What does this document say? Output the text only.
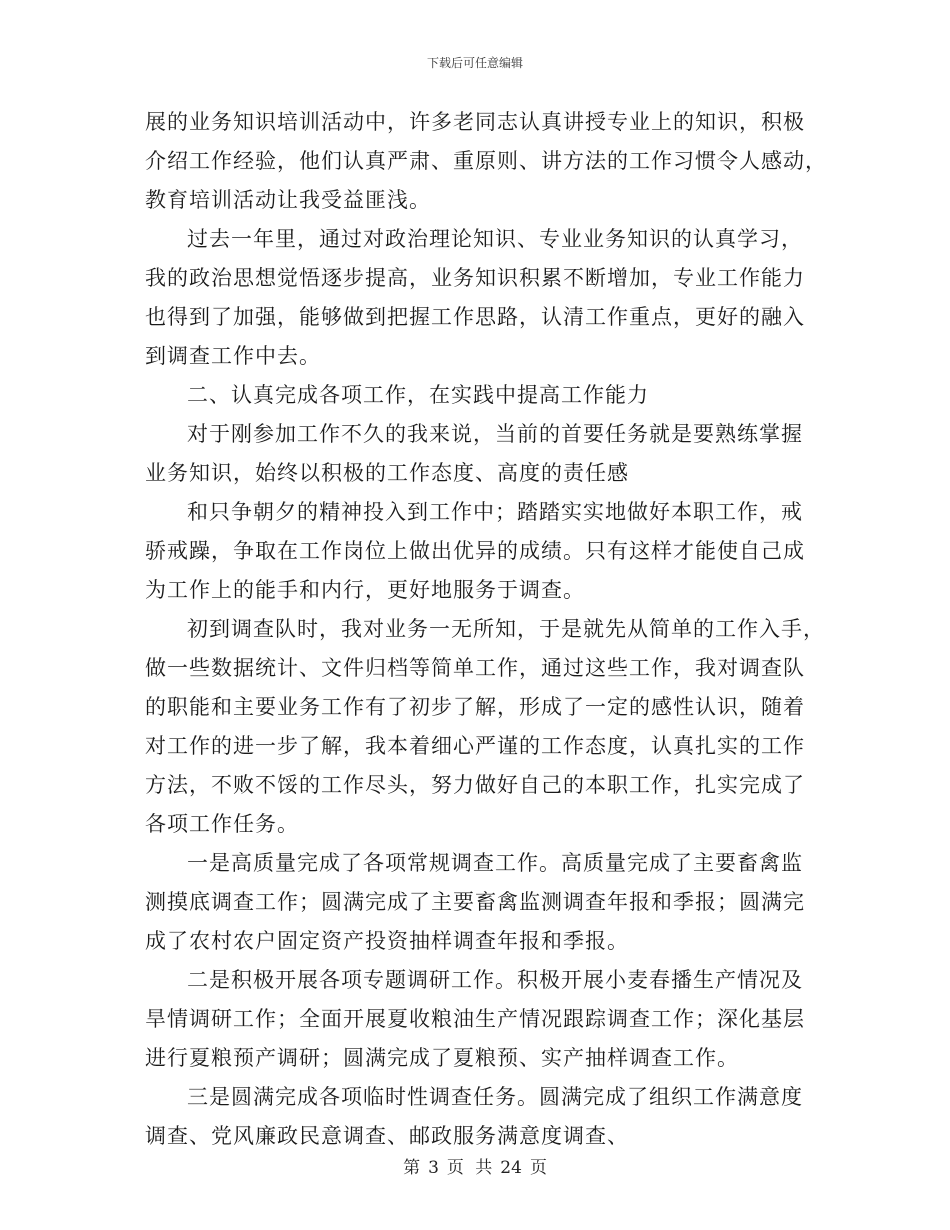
下载后可任意编辑
展的业务知识培训活动中，许多老同志认真讲授专业上的知识，积极
介绍工作经验，他们认真严肃、重原则、讲方法的工作习惯令人感动，
教育培训活动让我受益匪浅。
过去一年里，通过对政治理论知识、专业业务知识的认真学习，
我的政治思想觉悟逐步提高，业务知识积累不断增加，专业工作能力
也得到了加强，能够做到把握工作思路，认清工作重点，更好的融入
到调查工作中去。
二、认真完成各项工作，在实践中提高工作能力
对于刚参加工作不久的我来说，当前的首要任务就是要熟练掌握
业务知识，始终以积极的工作态度、高度的责任感
和只争朝夕的精神投入到工作中；踏踏实实地做好本职工作，戒
骄戒躁，争取在工作岗位上做出优异的成绩。只有这样才能使自己成
为工作上的能手和内行，更好地服务于调查。
初到调查队时，我对业务一无所知，于是就先从简单的工作入手，
做一些数据统计、文件归档等简单工作，通过这些工作，我对调查队
的职能和主要业务工作有了初步了解，形成了一定的感性认识，随着
对工作的进一步了解，我本着细心严谨的工作态度，认真扎实的工作
方法，不败不馁的工作尽头，努力做好自己的本职工作，扎实完成了
各项工作任务。
一是高质量完成了各项常规调查工作。高质量完成了主要畜禽监
测摸底调查工作；圆满完成了主要畜禽监测调查年报和季报；圆满完
成了农村农户固定资产投资抽样调查年报和季报。
二是积极开展各项专题调研工作。积极开展小麦春播生产情况及
旱情调研工作；全面开展夏收粮油生产情况跟踪调查工作；深化基层
进行夏粮预产调研；圆满完成了夏粮预、实产抽样调查工作。
三是圆满完成各项临时性调查任务。圆满完成了组织工作满意度
调查、党风廉政民意调查、邮政服务满意度调查、
第 3 页 共 24 页
